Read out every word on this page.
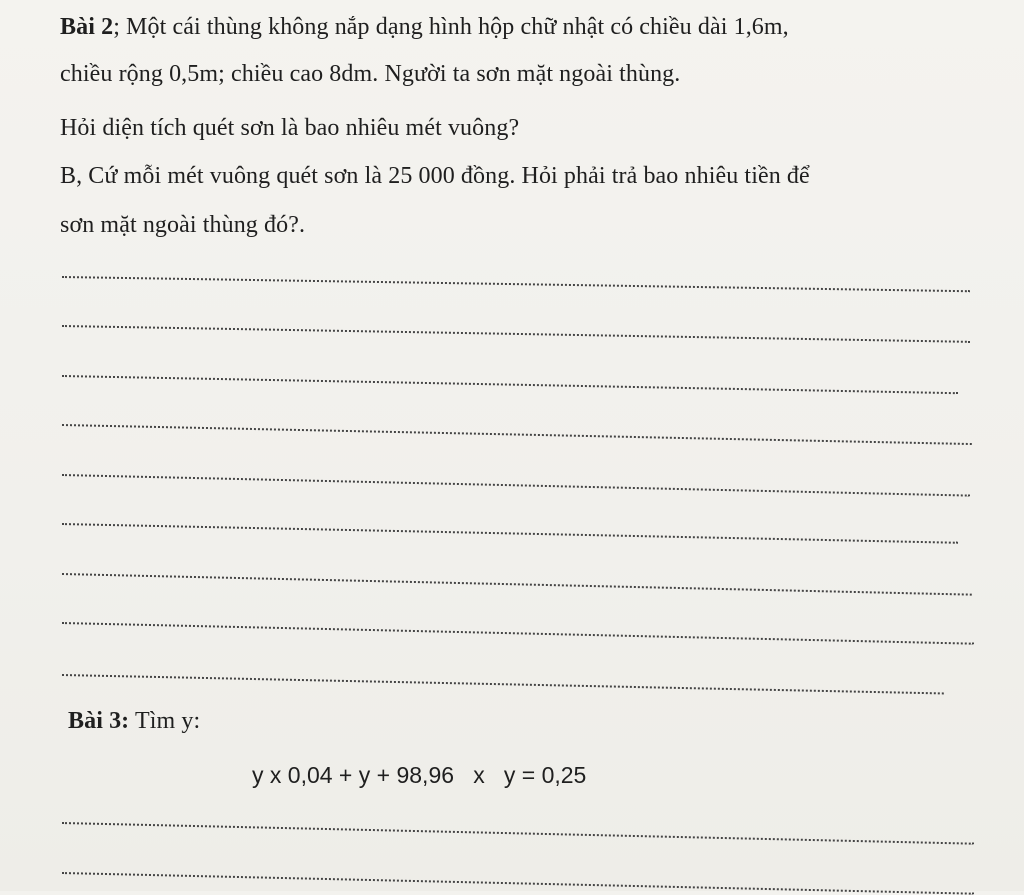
Bài 2; Một cái thùng không nắp dạng hình hộp chữ nhật có chiều dài 1,6m,
chiều rộng 0,5m; chiều cao 8dm. Người ta sơn mặt ngoài thùng.
Hỏi diện tích quét sơn là bao nhiêu mét vuông?
B, Cứ mỗi mét vuông quét sơn là 25 000 đồng. Hỏi phải trả bao nhiêu tiền để
sơn mặt ngoài thùng đó?.
Bài 3: Tìm y:
y x 0,04 + y + 98,96   x   y = 0,25
